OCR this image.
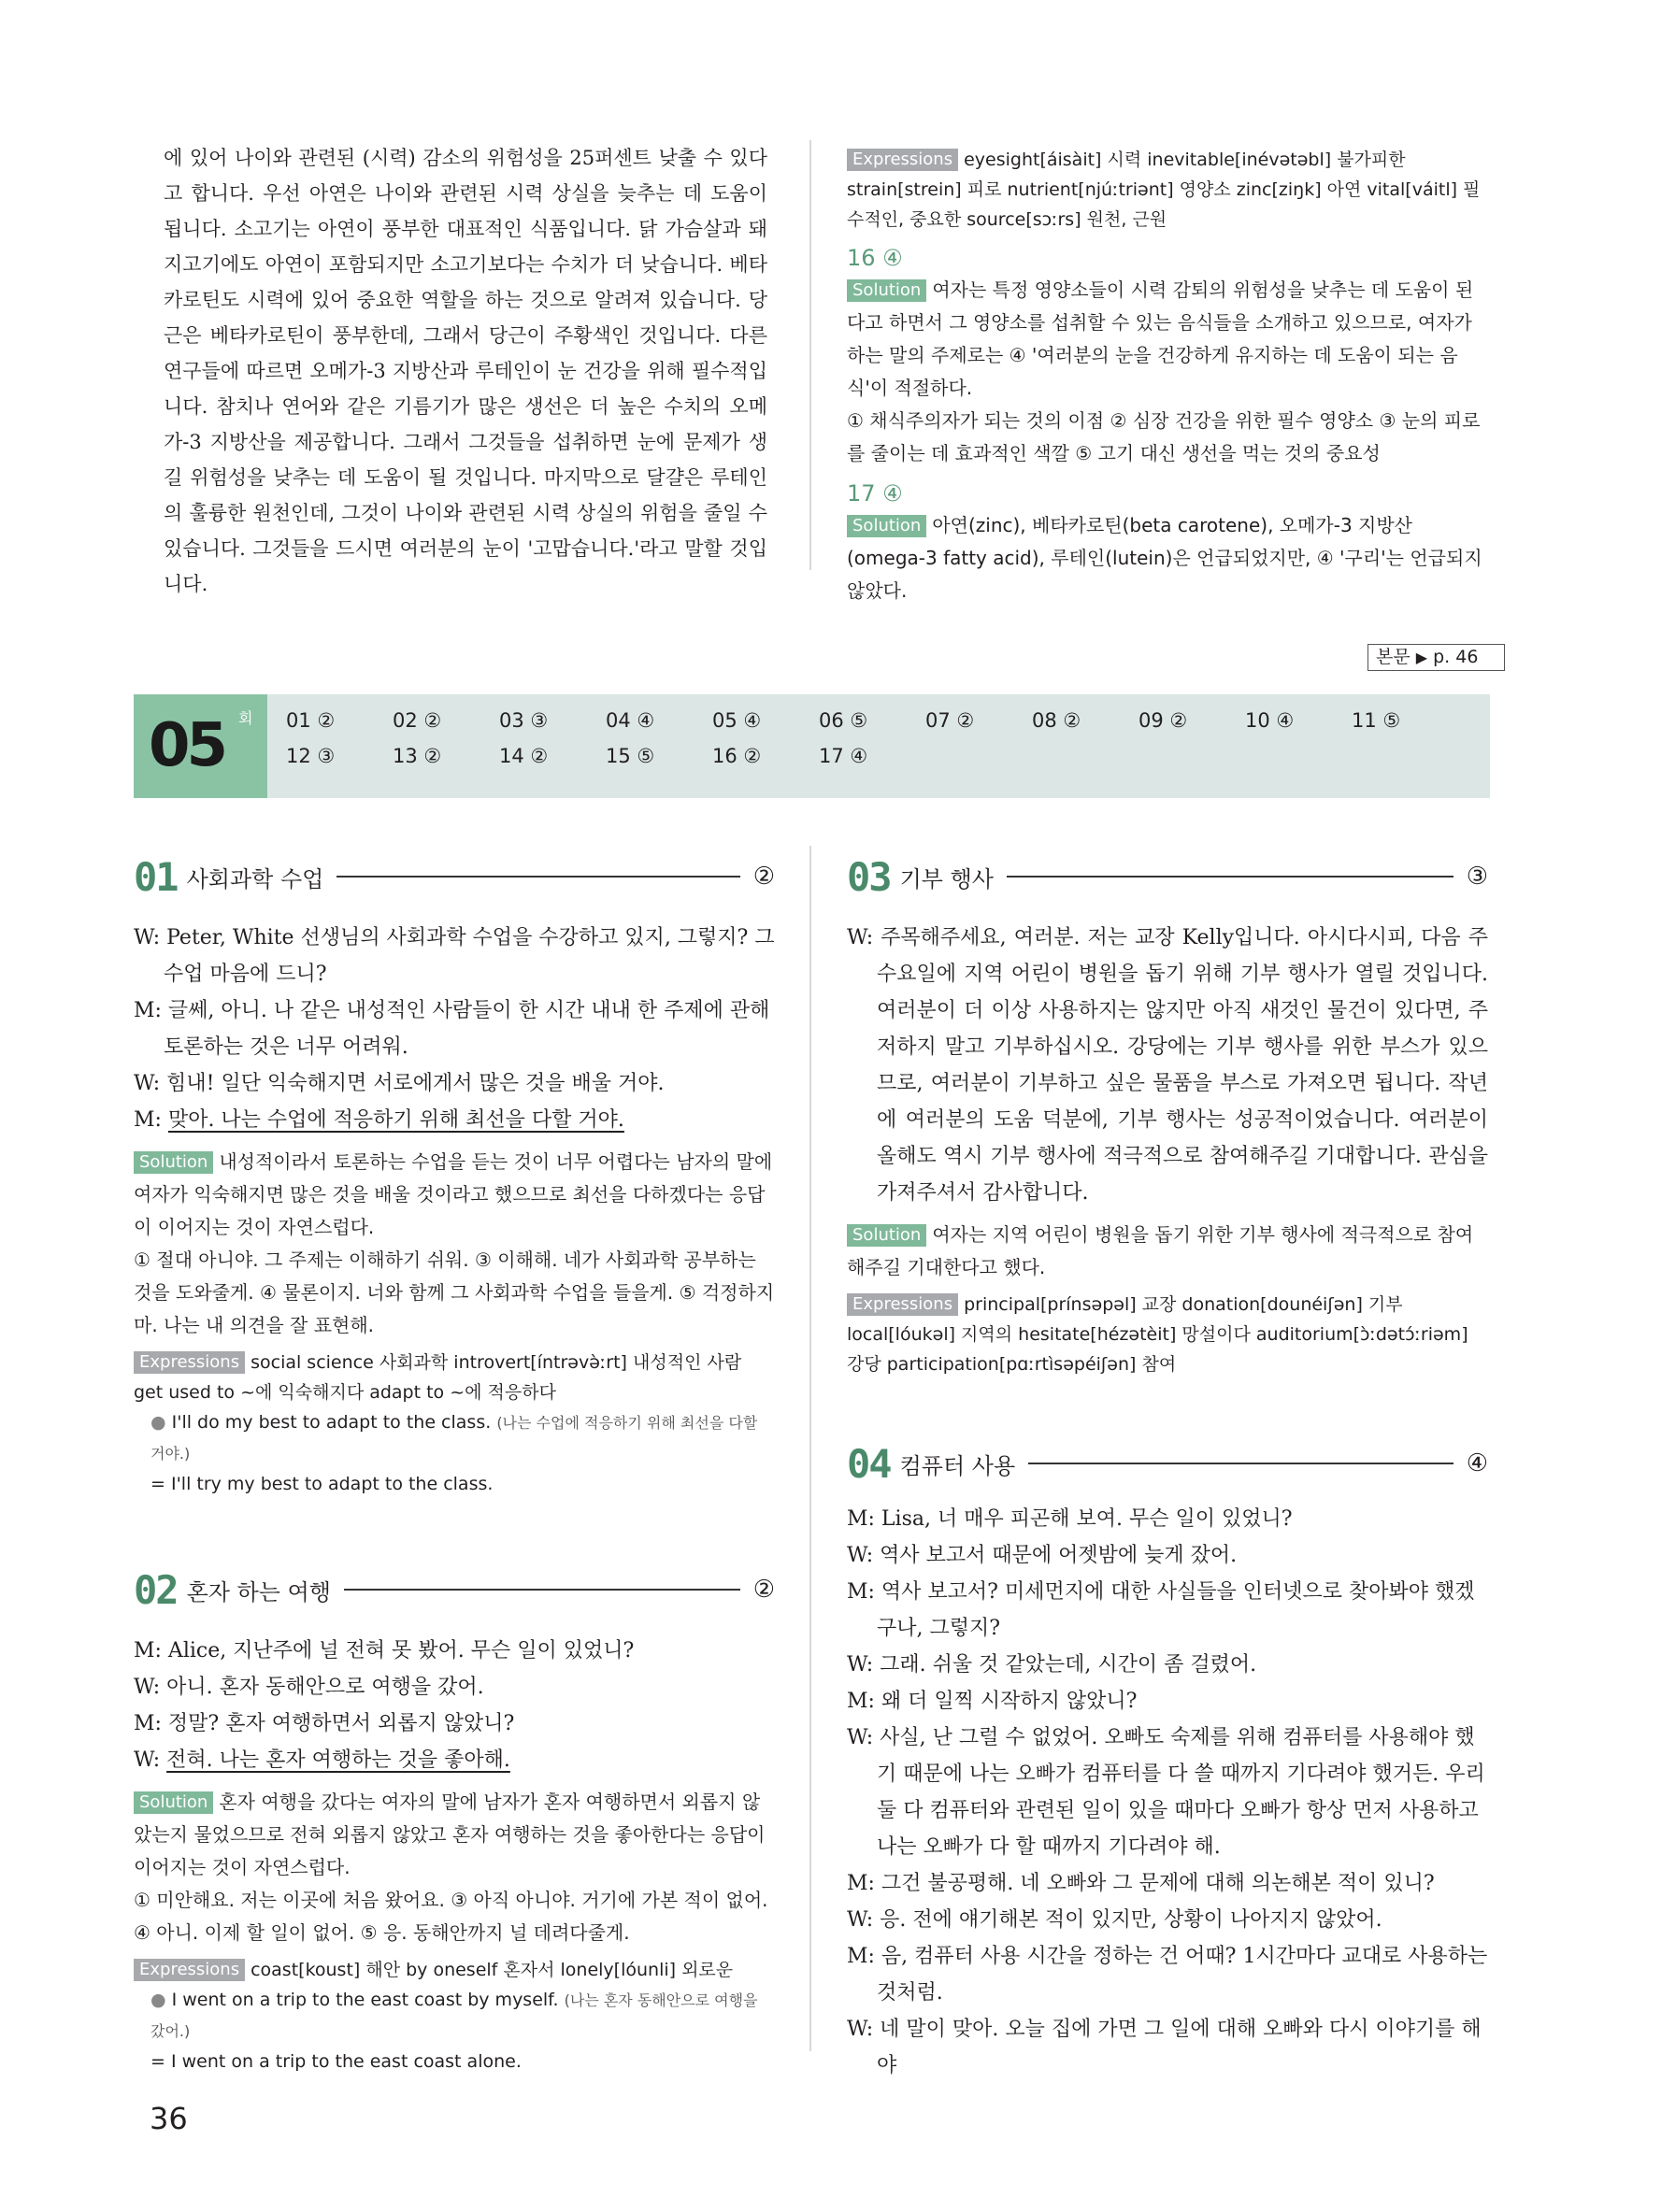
에 있어 나이와 관련된 (시력) 감소의 위험성을 25퍼센트 낮출 수 있다고 합니다. 우선 아연은 나이와 관련된 시력 상실을 늦추는 데 도움이 됩니다. 소고기는 아연이 풍부한 대표적인 식품입니다. 닭 가슴살과 돼지고기에도 아연이 포함되지만 소고기보다는 수치가 더 낮습니다. 베타카로틴도 시력에 있어 중요한 역할을 하는 것으로 알려져 있습니다. 당근은 베타카로틴이 풍부한데, 그래서 당근이 주황색인 것입니다. 다른 연구들에 따르면 오메가-3 지방산과 루테인이 눈 건강을 위해 필수적입니다. 참치나 연어와 같은 기름기가 많은 생선은 더 높은 수치의 오메가-3 지방산을 제공합니다. 그래서 그것들을 섭취하면 눈에 문제가 생길 위험성을 낮추는 데 도움이 될 것입니다. 마지막으로 달걀은 루테인의 훌륭한 원천인데, 그것이 나이와 관련된 시력 상실의 위험을 줄일 수 있습니다. 그것들을 드시면 여러분의 눈이 '고맙습니다.'라고 말할 것입니다.

Expressions eyesight[áisàit] 시력 inevitable[inévətəbl] 불가피한 strain[strein] 피로 nutrient[njúːtriənt] 영양소 zinc[ziŋk] 아연 vital[váitl] 필수적인, 중요한 source[sɔːrs] 원천, 근원

16 ④

Solution 여자는 특정 영양소들이 시력 감퇴의 위험성을 낮추는 데 도움이 된다고 하면서 그 영양소를 섭취할 수 있는 음식들을 소개하고 있으므로, 여자가 하는 말의 주제로는 ④ '여러분의 눈을 건강하게 유지하는 데 도움이 되는 음식'이 적절하다.

① 채식주의자가 되는 것의 이점 ② 심장 건강을 위한 필수 영양소 ③ 눈의 피로를 줄이는 데 효과적인 색깔 ⑤ 고기 대신 생선을 먹는 것의 중요성

17 ④

Solution 아연(zinc), 베타카로틴(beta carotene), 오메가-3 지방산(omega-3 fatty acid), 루테인(lutein)은 언급되었지만, ④ '구리'는 언급되지 않았다.

본문 ▶ p. 46
05 회 01 ②	02 ②	03 ③	04 ④	05 ④	06 ⑤	07 ②	08 ②	09 ②	10 ④	11 ⑤
12 ③	13 ②	14 ②	15 ⑤	16 ②	17 ④
01 사회과학 수업	②

W: Peter, White 선생님의 사회과학 수업을 수강하고 있지, 그렇지? 그 수업 마음에 드니?

M: 글쎄, 아니. 나 같은 내성적인 사람들이 한 시간 내내 한 주제에 관해 토론하는 것은 너무 어려워.

W: 힘내! 일단 익숙해지면 서로에게서 많은 것을 배울 거야.

M: 맞아. 나는 수업에 적응하기 위해 최선을 다할 거야.

Solution 내성적이라서 토론하는 수업을 듣는 것이 너무 어렵다는 남자의 말에 여자가 익숙해지면 많은 것을 배울 것이라고 했으므로 최선을 다하겠다는 응답이 이어지는 것이 자연스럽다.

① 절대 아니야. 그 주제는 이해하기 쉬워. ③ 이해해. 네가 사회과학 공부하는 것을 도와줄게. ④ 물론이지. 너와 함께 그 사회과학 수업을 들을게. ⑤ 걱정하지 마. 나는 내 의견을 잘 표현해.

Expressions social science 사회과학 introvert[íntrəvə̀ːrt] 내성적인 사람 get used to ~에 익숙해지다 adapt to ~에 적응하다

● I'll do my best to adapt to the class. (나는 수업에 적응하기 위해 최선을 다할 거야.)

= I'll try my best to adapt to the class.

02 혼자 하는 여행	②

M: Alice, 지난주에 널 전혀 못 봤어. 무슨 일이 있었니?

W: 아니. 혼자 동해안으로 여행을 갔어.

M: 정말? 혼자 여행하면서 외롭지 않았니?

W: 전혀. 나는 혼자 여행하는 것을 좋아해.

Solution 혼자 여행을 갔다는 여자의 말에 남자가 혼자 여행하면서 외롭지 않았는지 물었으므로 전혀 외롭지 않았고 혼자 여행하는 것을 좋아한다는 응답이 이어지는 것이 자연스럽다.

① 미안해요. 저는 이곳에 처음 왔어요. ③ 아직 아니야. 거기에 가본 적이 없어. ④ 아니. 이제 할 일이 없어. ⑤ 응. 동해안까지 널 데려다줄게.

Expressions coast[koust] 해안 by oneself 혼자서 lonely[lóunli] 외로운

● I went on a trip to the east coast by myself. (나는 혼자 동해안으로 여행을 갔어.)

= I went on a trip to the east coast alone.

03 기부 행사	③

W: 주목해주세요, 여러분. 저는 교장 Kelly입니다. 아시다시피, 다음 주 수요일에 지역 어린이 병원을 돕기 위해 기부 행사가 열릴 것입니다. 여러분이 더 이상 사용하지는 않지만 아직 새것인 물건이 있다면, 주저하지 말고 기부하십시오. 강당에는 기부 행사를 위한 부스가 있으므로, 여러분이 기부하고 싶은 물품을 부스로 가져오면 됩니다. 작년에 여러분의 도움 덕분에, 기부 행사는 성공적이었습니다. 여러분이 올해도 역시 기부 행사에 적극적으로 참여해주길 기대합니다. 관심을 가져주셔서 감사합니다.

Solution 여자는 지역 어린이 병원을 돕기 위한 기부 행사에 적극적으로 참여해주길 기대한다고 했다.

Expressions principal[prínsəpəl] 교장 donation[dounéiʃən] 기부 local[lóukəl] 지역의 hesitate[hézətèit] 망설이다 auditorium[ɔ̀ːdətɔ́ːriəm] 강당 participation[pɑːrtìsəpéiʃən] 참여

04 컴퓨터 사용	④

M: Lisa, 너 매우 피곤해 보여. 무슨 일이 있었니?

W: 역사 보고서 때문에 어젯밤에 늦게 잤어.

M: 역사 보고서? 미세먼지에 대한 사실들을 인터넷으로 찾아봐야 했겠구나, 그렇지?

W: 그래. 쉬울 것 같았는데, 시간이 좀 걸렸어.

M: 왜 더 일찍 시작하지 않았니?

W: 사실, 난 그럴 수 없었어. 오빠도 숙제를 위해 컴퓨터를 사용해야 했기 때문에 나는 오빠가 컴퓨터를 다 쓸 때까지 기다려야 했거든. 우리 둘 다 컴퓨터와 관련된 일이 있을 때마다 오빠가 항상 먼저 사용하고 나는 오빠가 다 할 때까지 기다려야 해.

M: 그건 불공평해. 네 오빠와 그 문제에 대해 의논해본 적이 있니?

W: 응. 전에 얘기해본 적이 있지만, 상황이 나아지지 않았어.

M: 음, 컴퓨터 사용 시간을 정하는 건 어때? 1시간마다 교대로 사용하는 것처럼.

W: 네 말이 맞아. 오늘 집에 가면 그 일에 대해 오빠와 다시 이야기를 해야

36
